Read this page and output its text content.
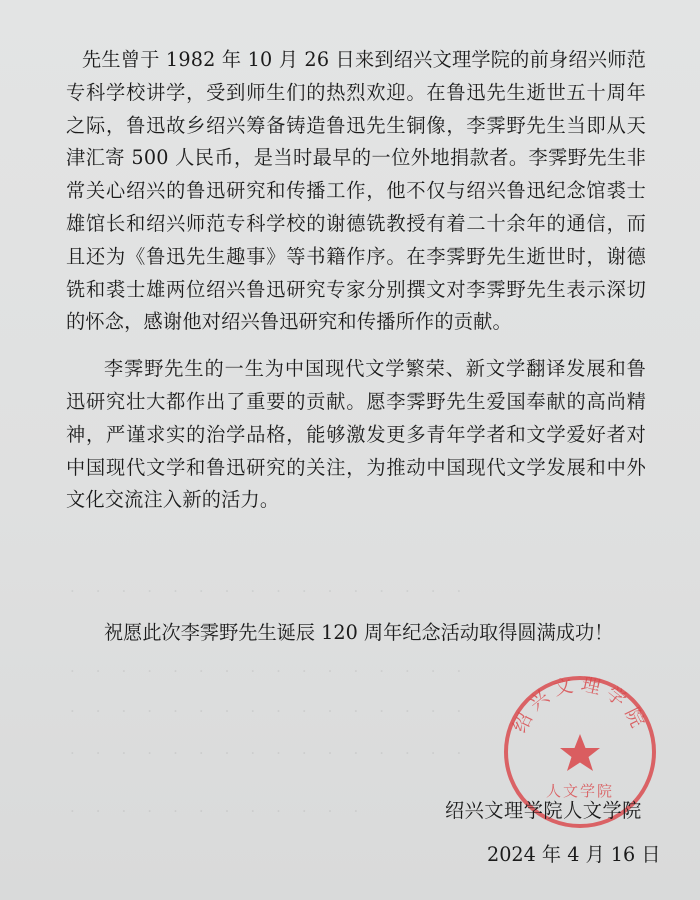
·　·　·　·　·　·　·　·　·　·　·　·　·　·　·　·
·　·　·　·　·　·　·　·　·　·　·　·　·　·　·　·
·　·　·　·　·　·　·　·　·　·　·　·　·　·　·　·
·　·　·　·　·　·　·　·　·　·　·　·　·　·　·　·
·　·　·　·　·　·　·　·　·　·　·　·

先生曾于 1982 年 10 月 26 日来到绍兴文理学院的前身绍兴师范专科学校讲学，受到师生们的热烈欢迎。在鲁迅先生逝世五十周年之际，鲁迅故乡绍兴筹备铸造鲁迅先生铜像，李霁野先生当即从天津汇寄 500 人民币，是当时最早的一位外地捐款者。李霁野先生非常关心绍兴的鲁迅研究和传播工作，他不仅与绍兴鲁迅纪念馆裘士雄馆长和绍兴师范专科学校的谢德铣教授有着二十余年的通信，而且还为《鲁迅先生趣事》等书籍作序。在李霁野先生逝世时，谢德铣和裘士雄两位绍兴鲁迅研究专家分别撰文对李霁野先生表示深切的怀念，感谢他对绍兴鲁迅研究和传播所作的贡献。

李霁野先生的一生为中国现代文学繁荣、新文学翻译发展和鲁迅研究壮大都作出了重要的贡献。愿李霁野先生爱国奉献的高尚精神，严谨求实的治学品格，能够激发更多青年学者和文学爱好者对中国现代文学和鲁迅研究的关注，为推动中国现代文学发展和中外文化交流注入新的活力。

祝愿此次李霁野先生诞辰 120 周年纪念活动取得圆满成功！
绍兴文理学院
人文学院
绍兴文理学院人文学院
2024 年 4 月 16 日
